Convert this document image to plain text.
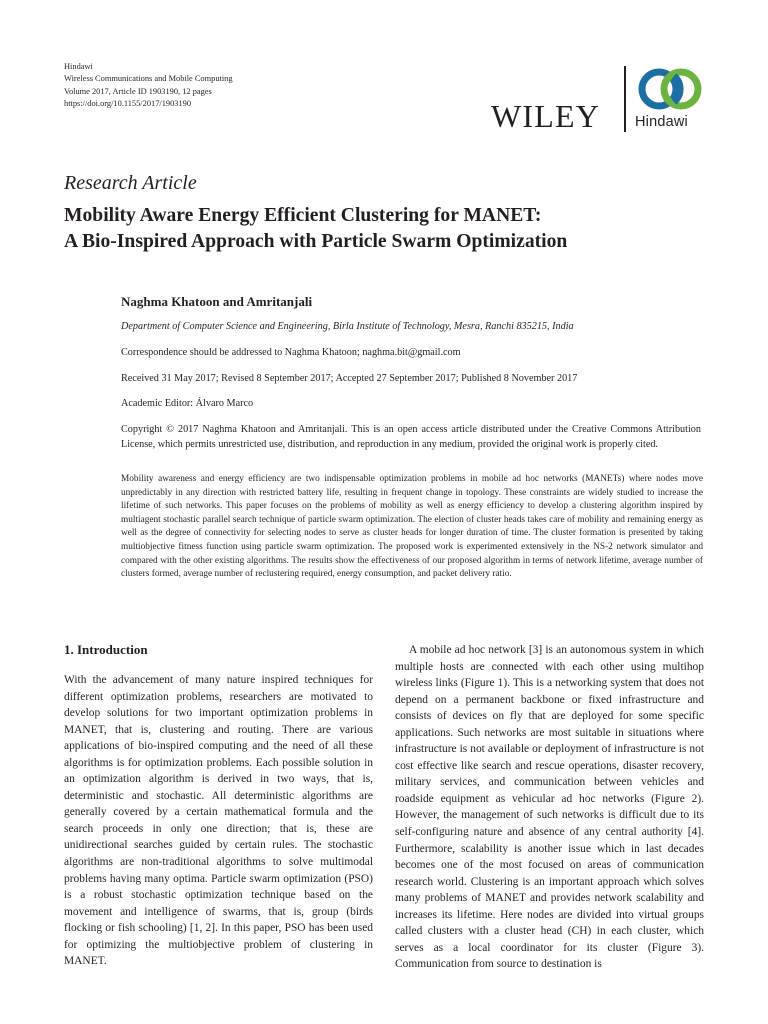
Hindawi
Wireless Communications and Mobile Computing
Volume 2017, Article ID 1903190, 12 pages
https://doi.org/10.1155/2017/1903190	WILEY Hindawi
Research Article
Mobility Aware Energy Efficient Clustering for MANET:
A Bio-Inspired Approach with Particle Swarm Optimization
Naghma Khatoon and Amritanjali
Department of Computer Science and Engineering, Birla Institute of Technology, Mesra, Ranchi 835215, India
Correspondence should be addressed to Naghma Khatoon; naghma.bit@gmail.com
Received 31 May 2017; Revised 8 September 2017; Accepted 27 September 2017; Published 8 November 2017
Academic Editor: Álvaro Marco
Copyright © 2017 Naghma Khatoon and Amritanjali. This is an open access article distributed under the Creative Commons Attribution License, which permits unrestricted use, distribution, and reproduction in any medium, provided the original work is properly cited.
Mobility awareness and energy efficiency are two indispensable optimization problems in mobile ad hoc networks (MANETs) where nodes move unpredictably in any direction with restricted battery life, resulting in frequent change in topology. These constraints are widely studied to increase the lifetime of such networks. This paper focuses on the problems of mobility as well as energy efficiency to develop a clustering algorithm inspired by multiagent stochastic parallel search technique of particle swarm optimization. The election of cluster heads takes care of mobility and remaining energy as well as the degree of connectivity for selecting nodes to serve as cluster heads for longer duration of time. The cluster formation is presented by taking multiobjective fitness function using particle swarm optimization. The proposed work is experimented extensively in the NS-2 network simulator and compared with the other existing algorithms. The results show the effectiveness of our proposed algorithm in terms of network lifetime, average number of clusters formed, average number of reclustering required, energy consumption, and packet delivery ratio.
1. Introduction

With the advancement of many nature inspired techniques for different optimization problems, researchers are motivated to develop solutions for two important optimization problems in MANET, that is, clustering and routing. There are various applications of bio-inspired computing and the need of all these algorithms is for optimization problems. Each possible solution in an optimization algorithm is derived in two ways, that is, deterministic and stochastic. All deterministic algorithms are generally covered by a certain mathematical formula and the search proceeds in only one direction; that is, these are unidirectional searches guided by certain rules. The stochastic algorithms are non-traditional algorithms to solve multimodal problems having many optima. Particle swarm optimization (PSO) is a robust stochastic optimization technique based on the movement and intelligence of swarms, that is, group (birds flocking or fish schooling) [1, 2]. In this paper, PSO has been used for optimizing the multiobjective problem of clustering in MANET.

A mobile ad hoc network [3] is an autonomous system in which multiple hosts are connected with each other using multihop wireless links (Figure 1). This is a networking system that does not depend on a permanent backbone or fixed infrastructure and consists of devices on fly that are deployed for some specific applications. Such networks are most suitable in situations where infrastructure is not available or deployment of infrastructure is not cost effective like search and rescue operations, disaster recovery, military services, and communication between vehicles and roadside equipment as vehicular ad hoc networks (Figure 2). However, the management of such networks is difficult due to its self-configuring nature and absence of any central authority [4]. Furthermore, scalability is another issue which in last decades becomes one of the most focused on areas of communication research world. Clustering is an important approach which solves many problems of MANET and provides network scalability and increases its lifetime. Here nodes are divided into virtual groups called clusters with a cluster head (CH) in each cluster, which serves as a local coordinator for its cluster (Figure 3). Communication from source to destination is
